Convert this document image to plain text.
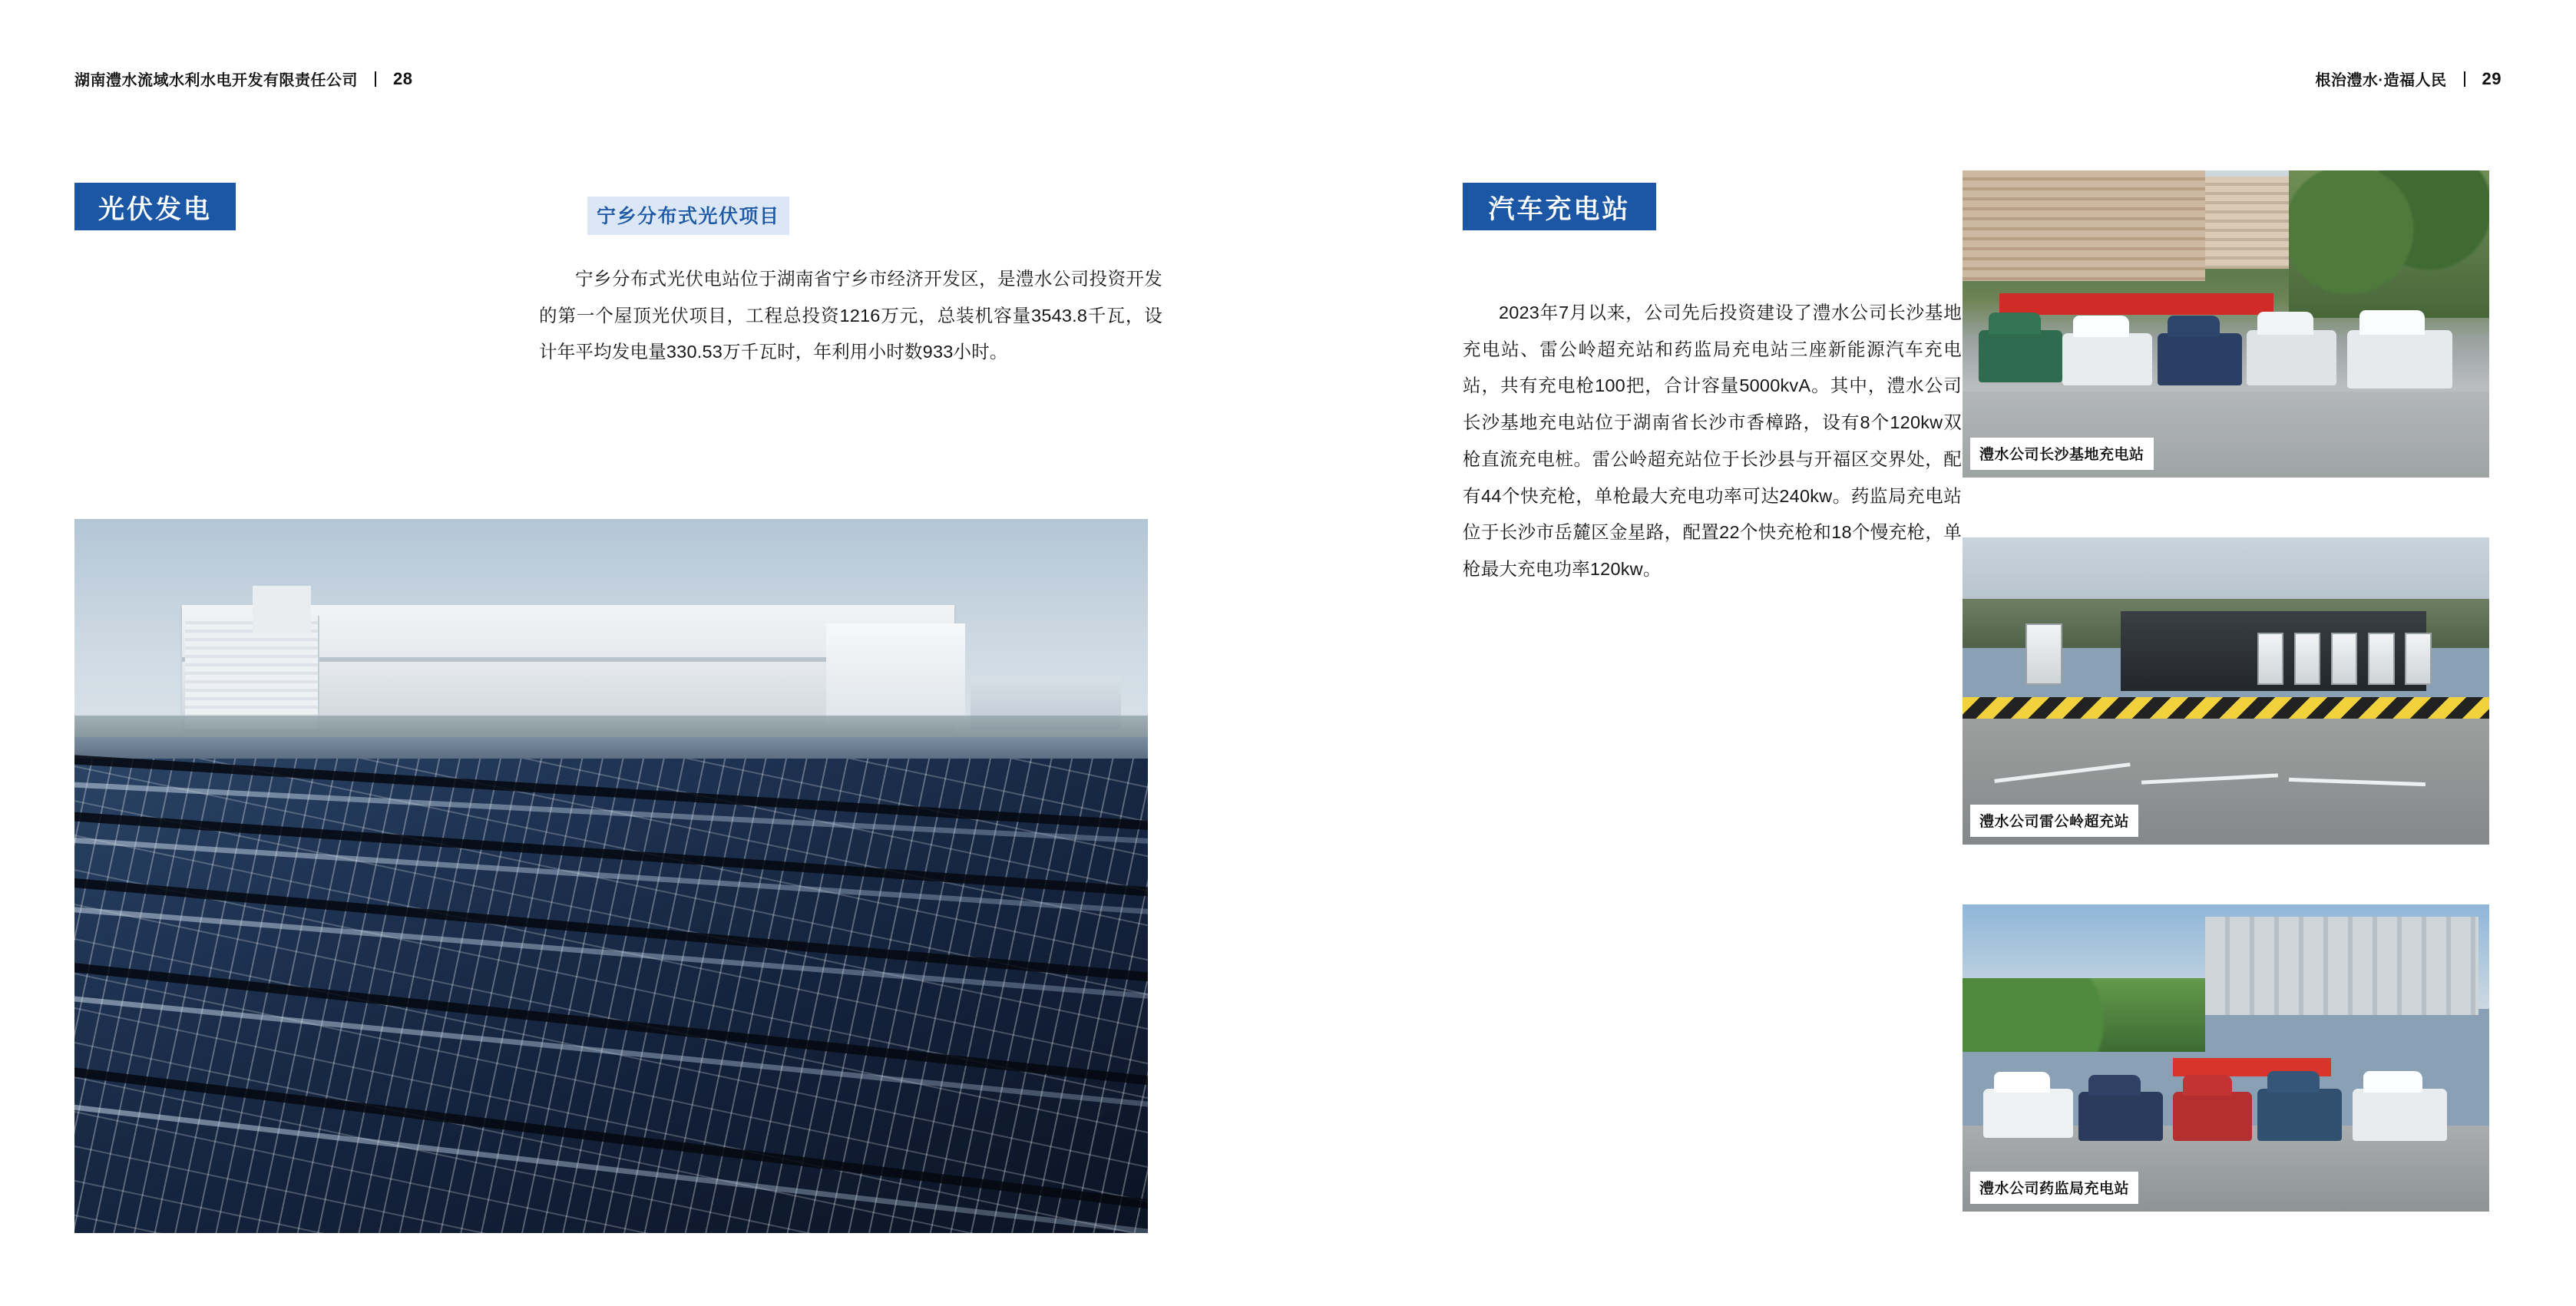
湖南澧水流域水利水电开发有限责任公司 28
光伏发电	宁乡分布式光伏项目

宁乡分布式光伏电站位于湖南省宁乡市经济开发区，是澧水公司投资开发的第一个屋顶光伏项目，工程总投资1216万元，总装机容量3543.8千瓦，设计年平均发电量330.53万千瓦时，年利用小时数933小时。

根治澧水·造福人民 29
汽车充电站

2023年7月以来，公司先后投资建设了澧水公司长沙基地充电站、雷公岭超充站和药监局充电站三座新能源汽车充电站，共有充电枪100把，合计容量5000kvA。其中，澧水公司长沙基地充电站位于湖南省长沙市香樟路，设有8个120kw双枪直流充电桩。雷公岭超充站位于长沙县与开福区交界处，配有44个快充枪，单枪最大充电功率可达240kw。药监局充电站位于长沙市岳麓区金星路，配置22个快充枪和18个慢充枪，单枪最大充电功率120kw。

澧水公司长沙基地充电站
澧水公司雷公岭超充站
澧水公司药监局充电站
